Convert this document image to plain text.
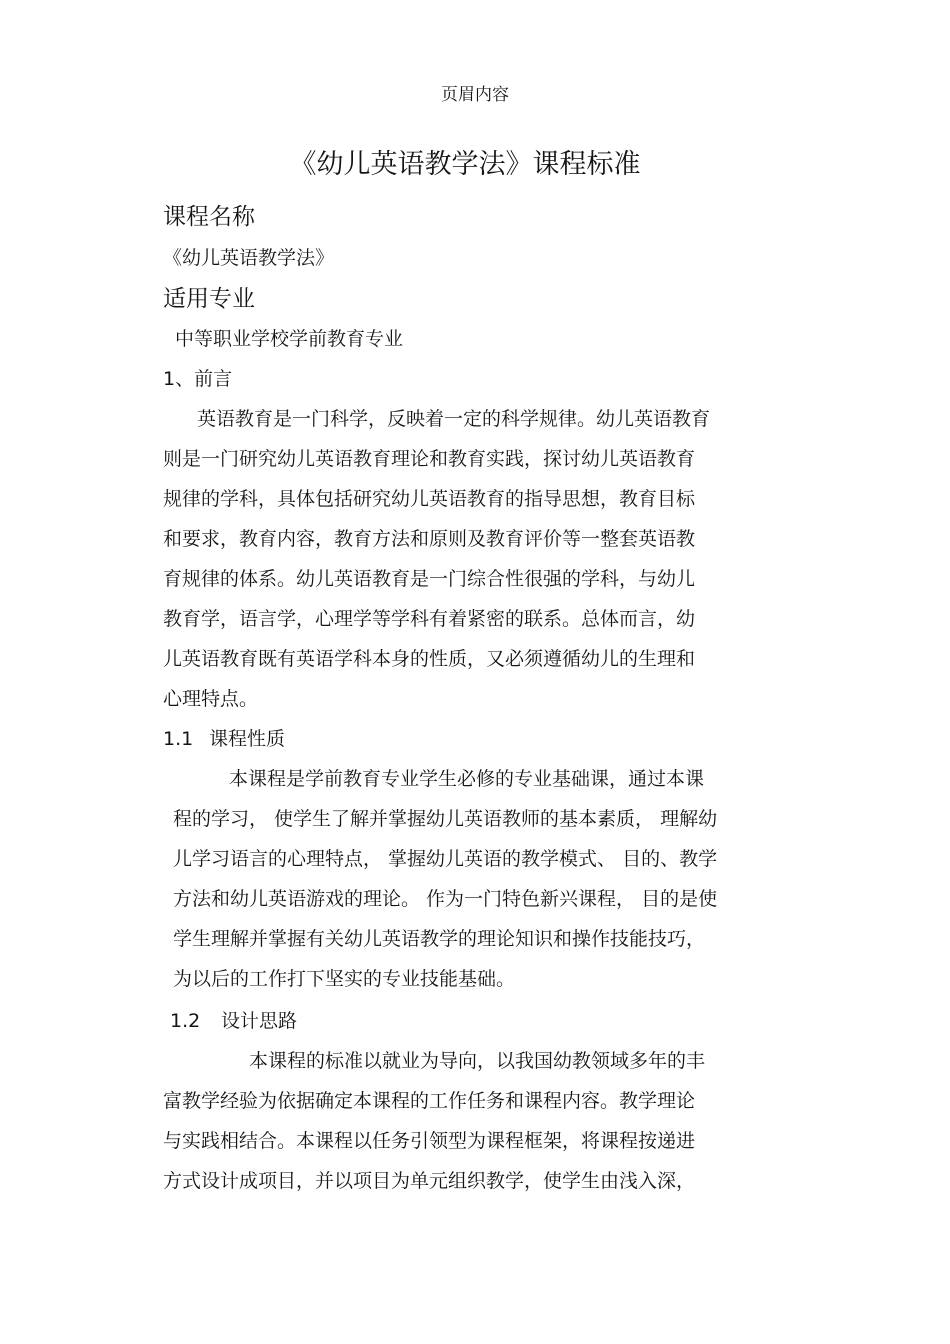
页眉内容
《幼儿英语教学法》课程标准
课程名称
《幼儿英语教学法》
适用专业
中等职业学校学前教育专业
1、前言
英语教育是一门科学，反映着一定的科学规律。幼儿英语教育
则是一门研究幼儿英语教育理论和教育实践，探讨幼儿英语教育
规律的学科，具体包括研究幼儿英语教育的指导思想，教育目标
和要求，教育内容，教育方法和原则及教育评价等一整套英语教
育规律的体系。幼儿英语教育是一门综合性很强的学科，与幼儿
教育学，语言学，心理学等学科有着紧密的联系。总体而言，幼
儿英语教育既有英语学科本身的性质，又必须遵循幼儿的生理和
心理特点。
1.1 课程性质
本课程是学前教育专业学生必修的专业基础课，通过本课
程的学习， 使学生了解并掌握幼儿英语教师的基本素质， 理解幼
儿学习语言的心理特点， 掌握幼儿英语的教学模式、 目的、教学
方法和幼儿英语游戏的理论。 作为一门特色新兴课程， 目的是使
学生理解并掌握有关幼儿英语教学的理论知识和操作技能技巧，
为以后的工作打下坚实的专业技能基础。
1.2 设计思路
本课程的标准以就业为导向，以我国幼教领域多年的丰
富教学经验为依据确定本课程的工作任务和课程内容。教学理论
与实践相结合。本课程以任务引领型为课程框架，将课程按递进
方式设计成项目，并以项目为单元组织教学，使学生由浅入深，
